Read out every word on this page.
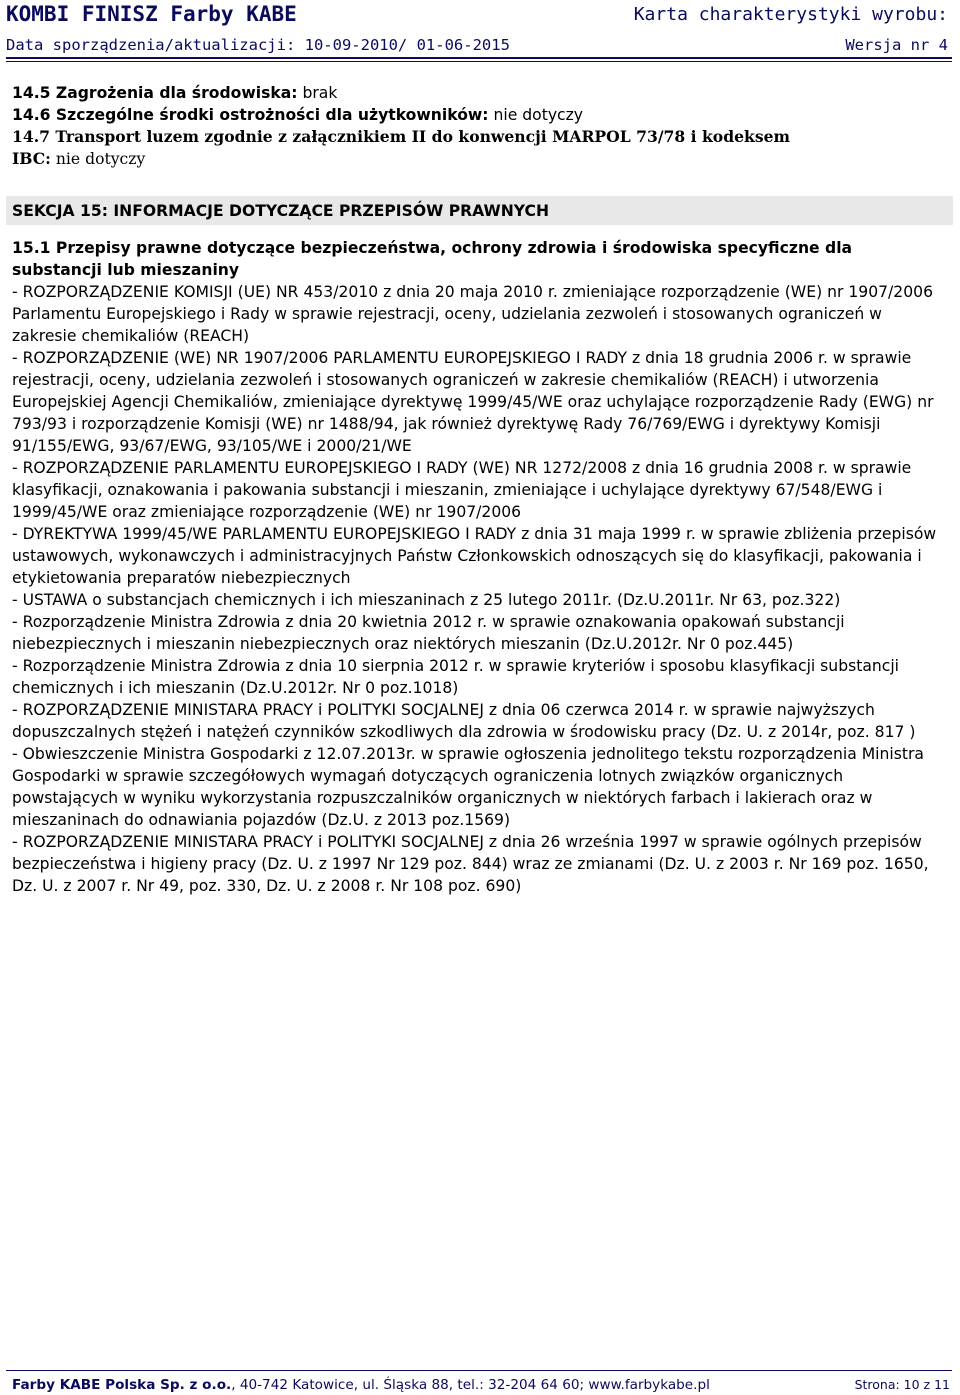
KOMBI FINISZ Farby KABE	Karta charakterystyki wyrobu:
Data sporządzenia/aktualizacji: 10-09-2010/ 01-06-2015	Wersja nr 4

14.5 Zagrożenia dla środowiska: brak

14.6 Szczególne środki ostrożności dla użytkowników: nie dotyczy

14.7 Transport luzem zgodnie z załącznikiem II do konwencji MARPOL 73/78 i kodeksem
IBC: nie dotyczy

SEKCJA 15: INFORMACJE DOTYCZĄCE PRZEPISÓW PRAWNYCH

15.1 Przepisy prawne dotyczące bezpieczeństwa, ochrony zdrowia i środowiska specyficzne dla substancji lub mieszaniny

- ROZPORZĄDZENIE KOMISJI (UE) NR 453/2010 z dnia 20 maja 2010 r. zmieniające rozporządzenie (WE) nr 1907/2006 Parlamentu Europejskiego i Rady w sprawie rejestracji, oceny, udzielania zezwoleń i stosowanych ograniczeń w zakresie chemikaliów (REACH)

- ROZPORZĄDZENIE (WE) NR 1907/2006 PARLAMENTU EUROPEJSKIEGO I RADY z dnia 18 grudnia 2006 r. w sprawie rejestracji, oceny, udzielania zezwoleń i stosowanych ograniczeń w zakresie chemikaliów (REACH) i utworzenia Europejskiej Agencji Chemikaliów, zmieniające dyrektywę 1999/45/WE oraz uchylające rozporządzenie Rady (EWG) nr 793/93 i rozporządzenie Komisji (WE) nr 1488/94, jak również dyrektywę Rady 76/769/EWG i dyrektywy Komisji 91/155/EWG, 93/67/EWG, 93/105/WE i 2000/21/WE

- ROZPORZĄDZENIE PARLAMENTU EUROPEJSKIEGO I RADY (WE) NR 1272/2008 z dnia 16 grudnia 2008 r. w sprawie klasyfikacji, oznakowania i pakowania substancji i mieszanin, zmieniające i uchylające dyrektywy 67/548/EWG i 1999/45/WE oraz zmieniające rozporządzenie (WE) nr 1907/2006

- DYREKTYWA 1999/45/WE PARLAMENTU EUROPEJSKIEGO I RADY z dnia 31 maja 1999 r. w sprawie zbliżenia przepisów ustawowych, wykonawczych i administracyjnych Państw Członkowskich odnoszących się do klasyfikacji, pakowania i etykietowania preparatów niebezpiecznych

- USTAWA o substancjach chemicznych i ich mieszaninach z 25 lutego 2011r. (Dz.U.2011r. Nr 63, poz.322)

- Rozporządzenie Ministra Zdrowia z dnia 20 kwietnia 2012 r. w sprawie oznakowania opakowań substancji niebezpiecznych i mieszanin niebezpiecznych oraz niektórych mieszanin (Dz.U.2012r. Nr 0 poz.445)

- Rozporządzenie Ministra Zdrowia z dnia 10 sierpnia 2012 r. w sprawie kryteriów i sposobu klasyfikacji substancji chemicznych i ich mieszanin (Dz.U.2012r. Nr 0 poz.1018)

- ROZPORZĄDZENIE MINISTARA PRACY i POLITYKI SOCJALNEJ z dnia 06 czerwca 2014 r. w sprawie najwyższych dopuszczalnych stężeń i natężeń czynników szkodliwych dla zdrowia w środowisku pracy (Dz. U. z 2014r, poz. 817 )

- Obwieszczenie Ministra Gospodarki z 12.07.2013r. w sprawie ogłoszenia jednolitego tekstu rozporządzenia Ministra Gospodarki w sprawie szczegółowych wymagań dotyczących ograniczenia lotnych związków organicznych powstających w wyniku wykorzystania rozpuszczalników organicznych w niektórych farbach i lakierach oraz w mieszaninach do odnawiania pojazdów (Dz.U. z 2013 poz.1569)

- ROZPORZĄDZENIE MINISTARA PRACY i POLITYKI SOCJALNEJ z dnia 26 września 1997 w sprawie ogólnych przepisów bezpieczeństwa i higieny pracy (Dz. U. z 1997 Nr 129 poz. 844) wraz ze zmianami (Dz. U. z 2003 r. Nr 169 poz. 1650, Dz. U. z 2007 r. Nr 49, poz. 330, Dz. U. z 2008 r. Nr 108 poz. 690)

Farby KABE Polska Sp. z o.o., 40-742 Katowice, ul. Śląska 88, tel.: 32-204 64 60; www.farbykabe.pl	Strona: 10 z 11
